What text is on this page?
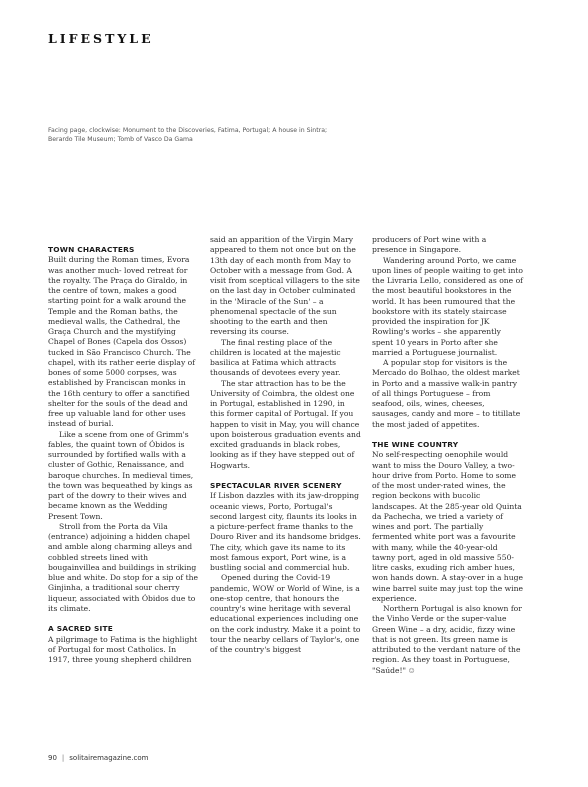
LIFESTYLE
Facing page, clockwise: Monument to the Discoveries, Fatima, Portugal; A house in Sintra; Berardo Tile Museum; Tomb of Vasco Da Gama
TOWN CHARACTERS

Built during the Roman times, Evora was another much- loved retreat for the royalty. The Praça do Giraldo, in the centre of town, makes a good starting point for a walk around the Temple and the Roman baths, the medieval walls, the Cathedral, the Graça Church and the mystifying Chapel of Bones (Capela dos Ossos) tucked in São Francisco Church. The chapel, with its rather eerie display of bones of some 5000 corpses, was established by Franciscan monks in the 16th century to offer a sanctified shelter for the souls of the dead and free up valuable land for other uses instead of burial.

Like a scene from one of Grimm's fables, the quaint town of Óbidos is surrounded by fortified walls with a cluster of Gothic, Renaissance, and baroque churches. In medieval times, the town was bequeathed by kings as part of the dowry to their wives and became known as the Wedding Present Town.

Stroll from the Porta da Vila (entrance) adjoining a hidden chapel and amble along charming alleys and cobbled streets lined with bougainvillea and buildings in striking blue and white. Do stop for a sip of the Ginjinha, a traditional sour cherry liqueur, associated with Óbidos due to its climate.

A SACRED SITE

A pilgrimage to Fatima is the highlight of Portugal for most Catholics. In 1917, three young shepherd children

said an apparition of the Virgin Mary appeared to them not once but on the 13th day of each month from May to October with a message from God. A visit from sceptical villagers to the site on the last day in October culminated in the 'Miracle of the Sun' – a phenomenal spectacle of the sun shooting to the earth and then reversing its course.

The final resting place of the children is located at the majestic basilica at Fatima which attracts thousands of devotees every year.

The star attraction has to be the University of Coimbra, the oldest one in Portugal, established in 1290, in this former capital of Portugal. If you happen to visit in May, you will chance upon boisterous graduation events and excited graduands in black robes, looking as if they have stepped out of Hogwarts.

SPECTACULAR RIVER SCENERY

If Lisbon dazzles with its jaw-dropping oceanic views, Porto, Portugal's second largest city, flaunts its looks in a picture-perfect frame thanks to the Douro River and its handsome bridges. The city, which gave its name to its most famous export, Port wine, is a bustling social and commercial hub.

Opened during the Covid-19 pandemic, WOW or World of Wine, is a one-stop centre, that honours the country's wine heritage with several educational experiences including one on the cork industry. Make it a point to tour the nearby cellars of Taylor's, one of the country's biggest

producers of Port wine with a presence in Singapore.

Wandering around Porto, we came upon lines of people waiting to get into the Livraria Lello, considered as one of the most beautiful bookstores in the world. It has been rumoured that the bookstore with its stately staircase provided the inspiration for JK Rowling's works – she apparently spent 10 years in Porto after she married a Portuguese journalist.

A popular stop for visitors is the Mercado do Bolhao, the oldest market in Porto and a massive walk-in pantry of all things Portuguese – from seafood, oils, wines, cheeses, sausages, candy and more – to titillate the most jaded of appetites.

THE WINE COUNTRY

No self-respecting oenophile would want to miss the Douro Valley, a two-hour drive from Porto. Home to some of the most under-rated wines, the region beckons with bucolic landscapes. At the 285-year old Quinta da Pachecha, we tried a variety of wines and port. The partially fermented white port was a favourite with many, while the 40-year-old tawny port, aged in old massive 550-litre casks, exuding rich amber hues, won hands down. A stay-over in a huge wine barrel suite may just top the wine experience.

Northern Portugal is also known for the Vinho Verde or the super-value Green Wine – a dry, acidic, fizzy wine that is not green. Its green name is attributed to the verdant nature of the region. As they toast in Portuguese, "Saúde!" ☺

90 | solitairemagazine.com
